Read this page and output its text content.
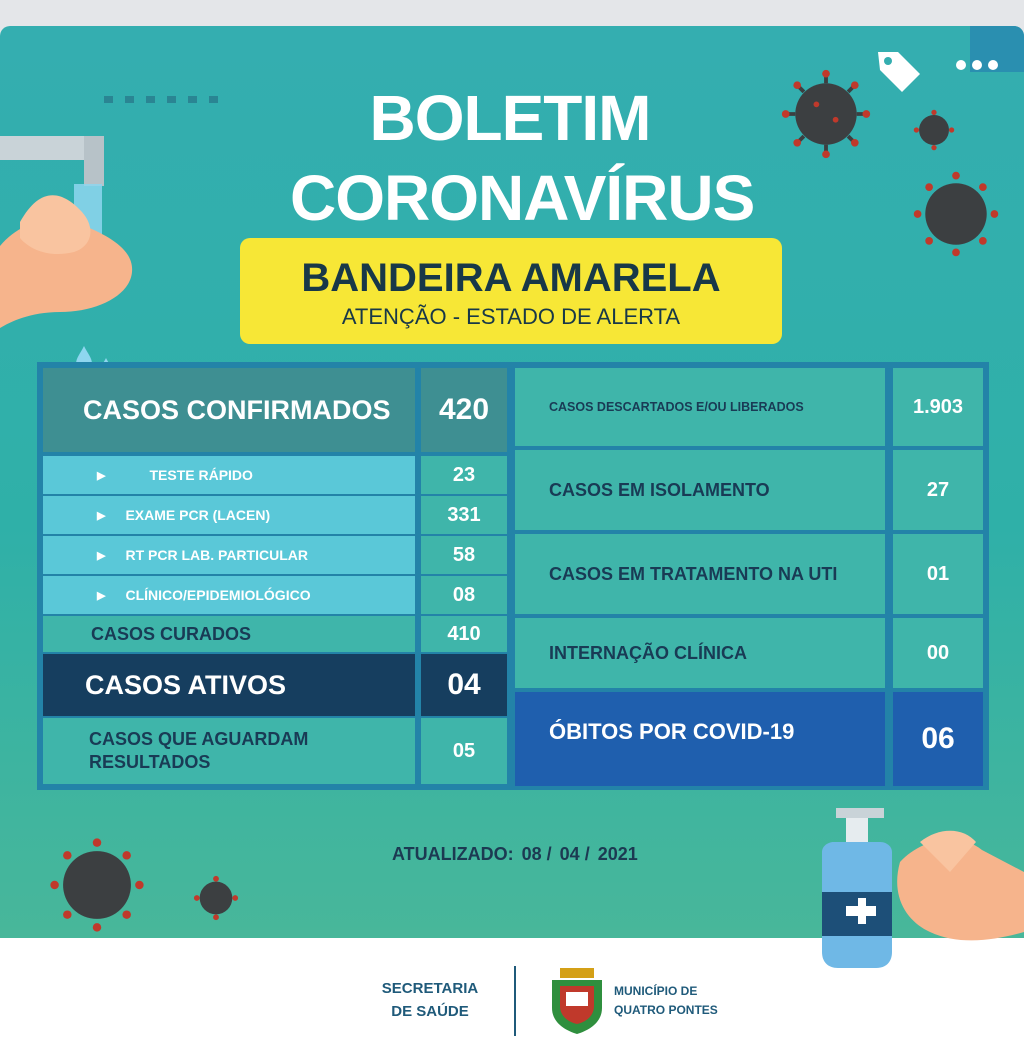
BOLETIM
CORONAVÍRUS
BANDEIRA AMARELA
ATENÇÃO - ESTADO DE ALERTA
CASOS CONFIRMADOS 420
▶	TESTE RÁPIDO	23
▶ EXAME PCR (LACEN)	331
▶ RT PCR LAB. PARTICULAR	58
▶ CLÍNICO/EPIDEMIOLÓGICO	08
CASOS CURADOS	410
CASOS ATIVOS	04
CASOS QUE AGUARDAM
RESULTADOS
05
CASOS DESCARTADOS E/OU LIBERADOS	1.903
CASOS EM ISOLAMENTO	27
CASOS EM TRATAMENTO NA UTI	01
INTERNAÇÃO CLÍNICA	00
ÓBITOS POR COVID-19	06
ATUALIZADO: 08 / 04 / 2021
SECRETARIA
DE SAÚDE
MUNICÍPIO DE
QUATRO PONTES
